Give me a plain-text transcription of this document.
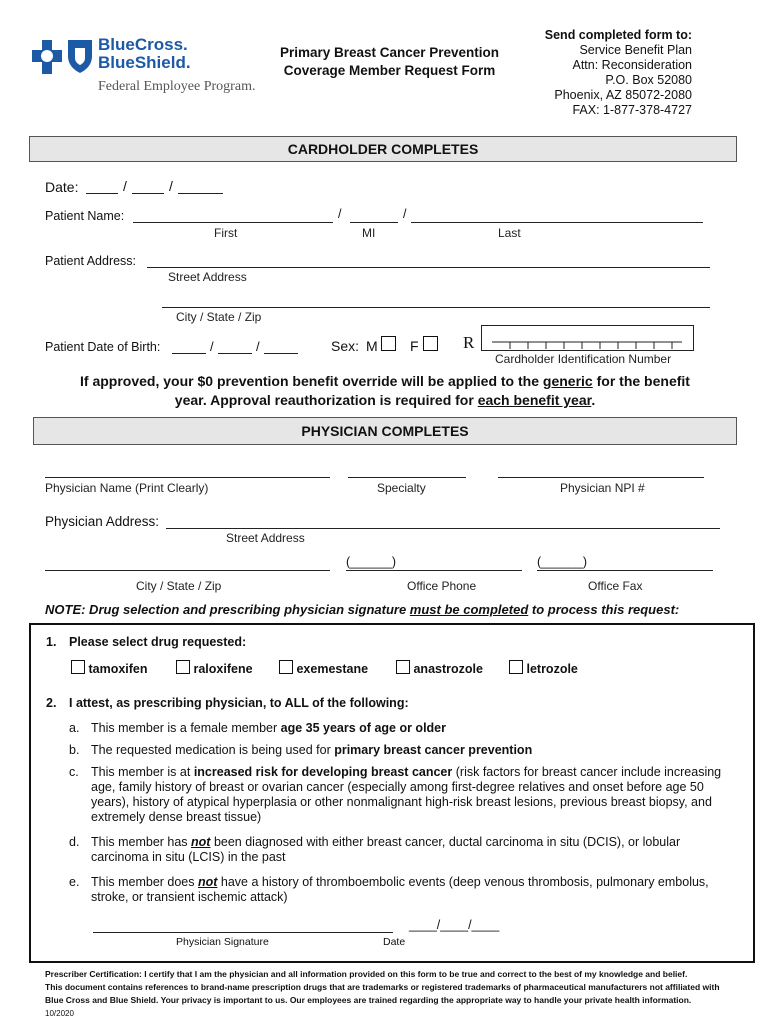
BlueCross.
BlueShield.
Federal Employee Program.
Primary Breast Cancer Prevention
Coverage Member Request Form
Send completed form to:
Service Benefit Plan
Attn: Reconsideration
P.O. Box 52080
Phoenix, AZ 85072-2080
FAX: 1-877-378-4727
CARDHOLDER COMPLETES
Date:	/	/
Patient Name:	/	/
First	MI	Last
Patient Address:
Street Address
City / State / Zip
Patient Date of Birth:	/	/	Sex: M F	R
Cardholder Identification Number
If approved, your $0 prevention benefit override will be applied to the generic for the benefit
year. Approval reauthorization is required for each benefit year.
PHYSICIAN COMPLETES
Physician Name (Print Clearly)	Specialty	Physician NPI #
Physician Address:
Street Address
(______)	(______)
City / State / Zip	Office Phone	Office Fax
NOTE: Drug selection and prescribing physician signature must be completed to process this request:
1. Please select drug requested:
tamoxifen	raloxifene	exemestane	anastrozole	letrozole
2. I attest, as prescribing physician, to ALL of the following:
a. This member is a female member age 35 years of age or older
b. The requested medication is being used for primary breast cancer prevention
c. This member is at increased risk for developing breast cancer (risk factors for breast cancer include increasing age, family history of breast or ovarian cancer (especially among first-degree relatives and onset before age 50 years), history of atypical hyperplasia or other nonmalignant high-risk breast lesions, previous breast biopsy, and extremely dense breast tissue)
d. This member has not been diagnosed with either breast cancer, ductal carcinoma in situ (DCIS), or lobular carcinoma in situ (LCIS) in the past
e. This member does not have a history of thromboembolic events (deep venous thrombosis, pulmonary embolus, stroke, or transient ischemic attack)
____/____/____
Physician Signature	Date
Prescriber Certification: I certify that I am the physician and all information provided on this form to be true and correct to the best of my knowledge and belief.
This document contains references to brand-name prescription drugs that are trademarks or registered trademarks of pharmaceutical manufacturers not affiliated with
Blue Cross and Blue Shield. Your privacy is important to us. Our employees are trained regarding the appropriate way to handle your private health information.
10/2020
